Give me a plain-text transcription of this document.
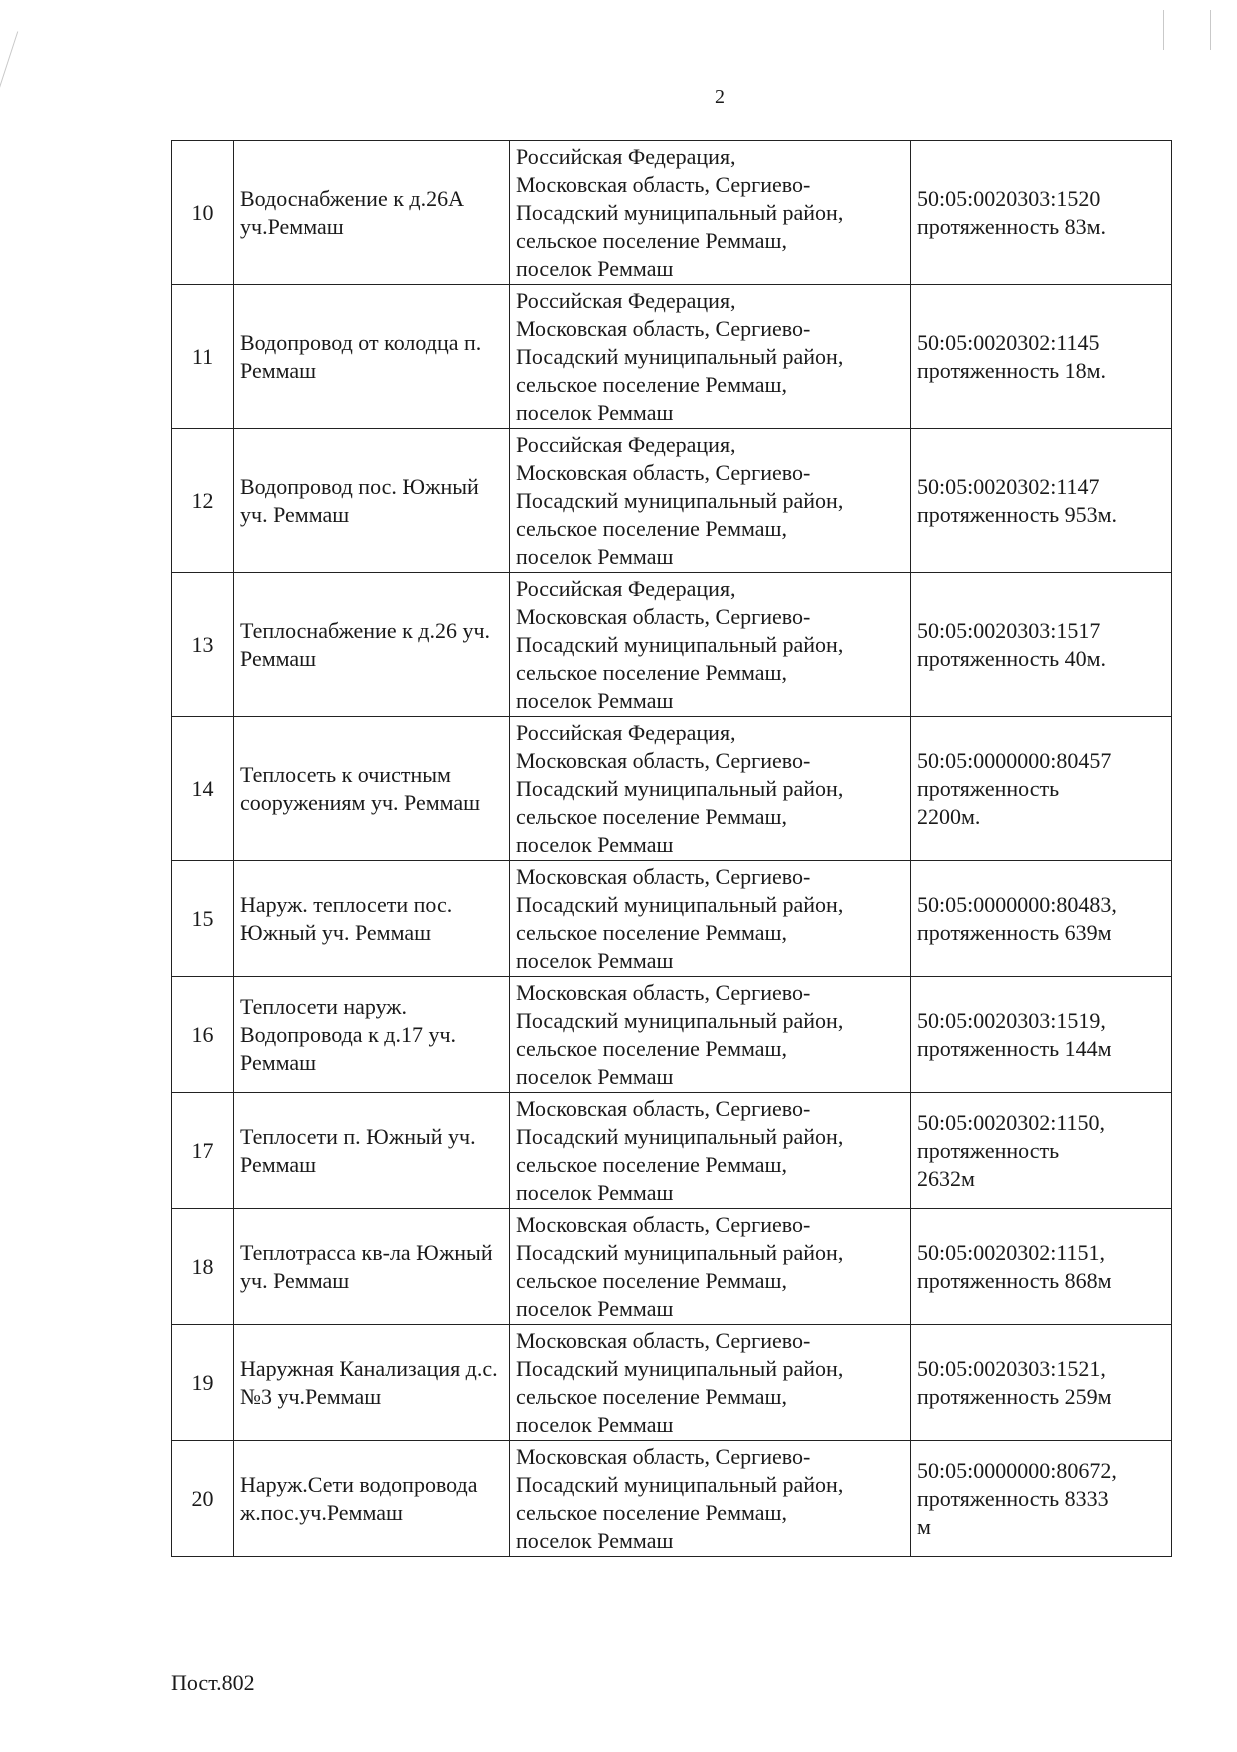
2
10	Водоснабжение к д.26А уч.Реммаш	Российская Федерация,
Московская область, Сергиево-
Посадский муниципальный район,
сельское поселение Реммаш,
поселок Реммаш	50:05:0020303:1520
протяженность 83м.
11	Водопровод от колодца п. Реммаш	Российская Федерация,
Московская область, Сергиево-
Посадский муниципальный район,
сельское поселение Реммаш,
поселок Реммаш	50:05:0020302:1145
протяженность 18м.
12	Водопровод пос. Южный уч. Реммаш	Российская Федерация,
Московская область, Сергиево-
Посадский муниципальный район,
сельское поселение Реммаш,
поселок Реммаш	50:05:0020302:1147
протяженность 953м.
13	Теплоснабжение к д.26 уч. Реммаш	Российская Федерация,
Московская область, Сергиево-
Посадский муниципальный район,
сельское поселение Реммаш,
поселок Реммаш	50:05:0020303:1517
протяженность 40м.
14	Теплосеть к очистным сооружениям уч. Реммаш	Российская Федерация,
Московская область, Сергиево-
Посадский муниципальный район,
сельское поселение Реммаш,
поселок Реммаш	50:05:0000000:80457
протяженность
2200м.
15	Наруж. теплосети пос. Южный уч. Реммаш	Московская область, Сергиево-
Посадский муниципальный район,
сельское поселение Реммаш,
поселок Реммаш	50:05:0000000:80483,
протяженность 639м
16	Теплосети наруж. Водопровода к д.17 уч. Реммаш	Московская область, Сергиево-
Посадский муниципальный район,
сельское поселение Реммаш,
поселок Реммаш	50:05:0020303:1519,
протяженность 144м
17	Теплосети п. Южный уч. Реммаш	Московская область, Сергиево-
Посадский муниципальный район,
сельское поселение Реммаш,
поселок Реммаш	50:05:0020302:1150,
протяженность
2632м
18	Теплотрасса кв-ла Южный уч. Реммаш	Московская область, Сергиево-
Посадский муниципальный район,
сельское поселение Реммаш,
поселок Реммаш	50:05:0020302:1151,
протяженность 868м
19	Наружная Канализация д.с. №3 уч.Реммаш	Московская область, Сергиево-
Посадский муниципальный район,
сельское поселение Реммаш,
поселок Реммаш	50:05:0020303:1521,
протяженность 259м
20	Наруж.Сети водопровода ж.пос.уч.Реммаш	Московская область, Сергиево-
Посадский муниципальный район,
сельское поселение Реммаш,
поселок Реммаш	50:05:0000000:80672,
протяженность 8333
м
Пост.802
